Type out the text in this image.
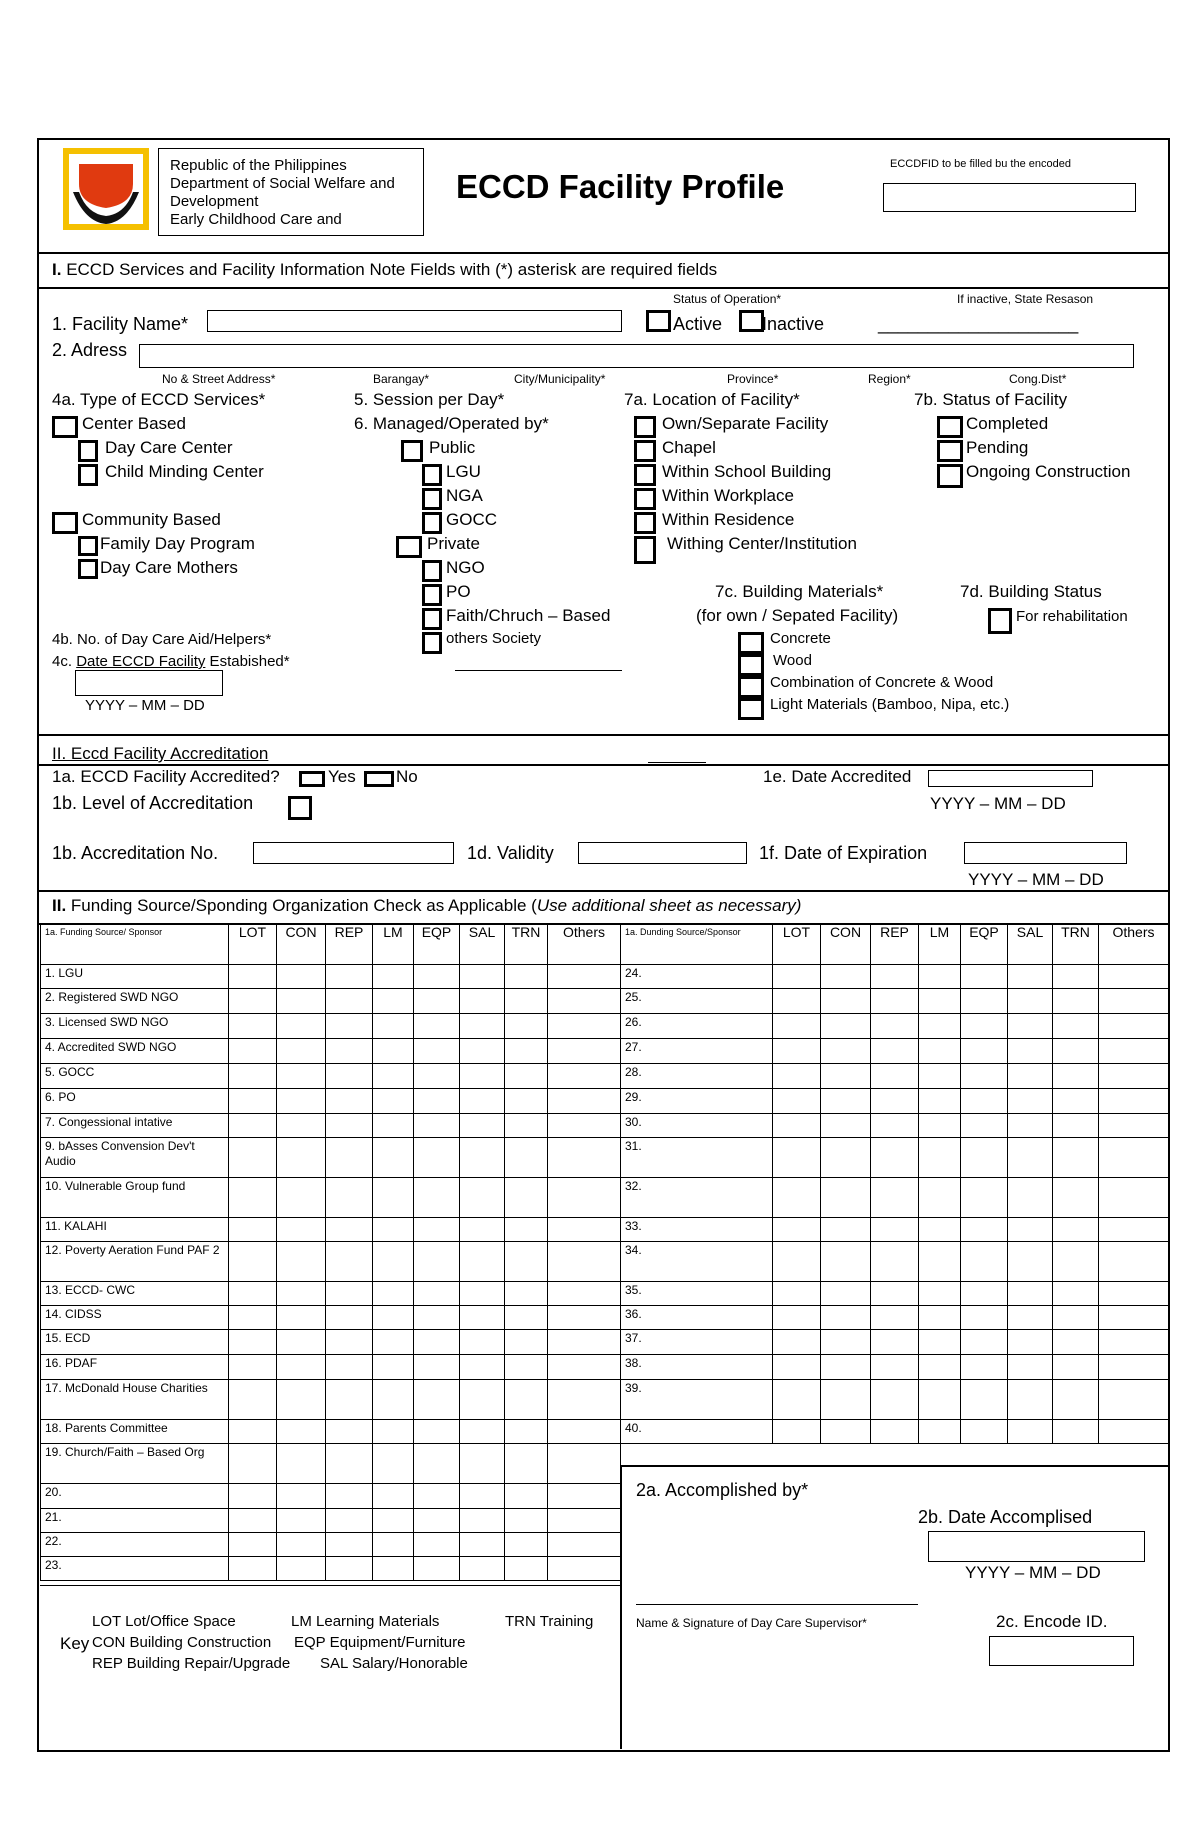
Republic of the Philippines
Department of Social Welfare and
Development
Early Childhood Care and
ECCD Facility Profile
ECCDFID to be filled bu the encoded
I. ECCD Services and Facility Information Note Fields with (*) asterisk are required fields
Status of Operation*	If inactive, State Resason
1. Facility Name*	Active Inactive	____________________
2. Adress
No & Street Address*	Barangay*	City/Municipality*	Province*	Region*	Cong.Dist*
4a. Type of ECCD Services*
Center Based
Day Care Center
Child Minding Center
Community Based
Family Day Program
Day Care Mothers
5. Session per Day*
6. Managed/Operated by*
Public
LGU
NGA
GOCC
Private
NGO
PO
Faith/Chruch – Based
others Society
7a. Location of Facility*
Own/Separate Facility
Chapel
Within School Building
Within Workplace
Within Residence
Withing Center/Institution
7b. Status of Facility
Completed
Pending
Ongoing Construction
7c. Building Materials*
(for own / Sepated Facility)
Concrete
Wood
Combination of Concrete & Wood
Light Materials (Bamboo, Nipa, etc.)
7d. Building Status
For rehabilitation
4b. No. of Day Care Aid/Helpers*
4c. Date ECCD Facility Estabished*
YYYY – MM – DD
II. Eccd Facility Accreditation
1a. ECCD Facility Accredited?	Yes No	1e. Date Accredited
1b. Level of Accreditation	YYYY – MM – DD
1b. Accreditation No.	1d. Validity	1f. Date of Expiration
YYYY – MM – DD
II. Funding Source/Sponding Organization Check as Applicable (Use additional sheet as necessary)
1a. Funding Source/ Sponsor	LOT	CON	REP	LM	EQP	SAL	TRN	Others
1. LGU								
2. Registered SWD NGO								
3. Licensed SWD NGO								
4. Accredited SWD NGO								
5. GOCC								
6. PO								
7. Congessional intative								
9. bAsses Convension Dev't Audio								
10. Vulnerable Group fund								
11. KALAHI								
12. Poverty Aeration Fund PAF 2								
13. ECCD- CWC								
14. CIDSS								
15. ECD								
16. PDAF								
17. McDonald House Charities								
18. Parents Committee								
19. Church/Faith – Based Org								
20.								
21.								
22.								
23.								
1a. Dunding Source/Sponsor	LOT	CON	REP	LM	EQP	SAL	TRN	Others
24.								
25.								
26.								
27.								
28.								
29.								
30.								
31.								
32.								
33.								
34.								
35.								
36.								
37.								
38.								
39.								
40.								
Key
LOT Lot/Office Space	LM Learning Materials	TRN Training
CON Building Construction EQP Equipment/Furniture
REP Building Repair/Upgrade SAL Salary/Honorable
2a. Accomplished by*
2b. Date Accomplised
YYYY – MM – DD
Name & Signature of Day Care Supervisor*	2c. Encode ID.
